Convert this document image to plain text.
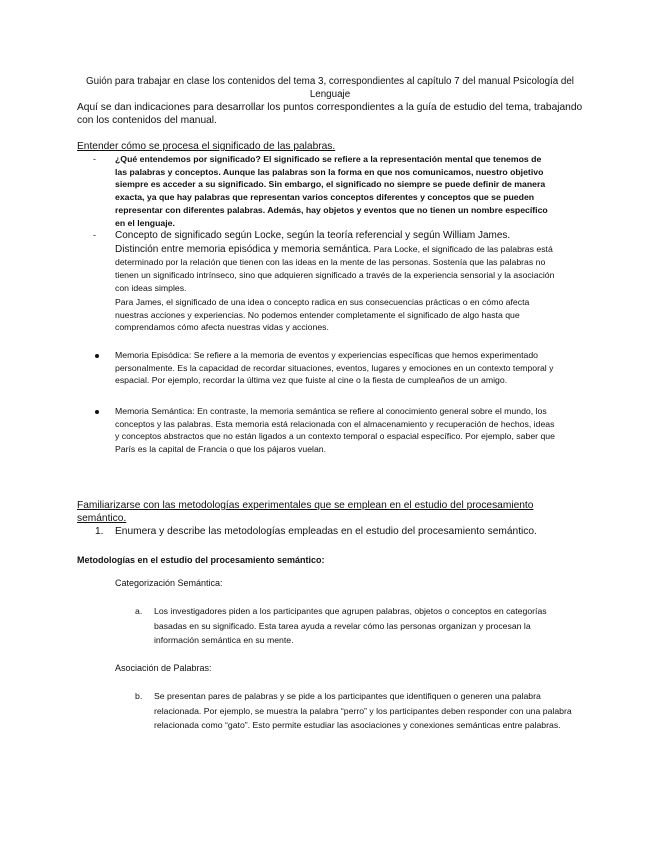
Guión para trabajar en clase los contenidos del tema 3, correspondientes al capítulo 7 del manual Psicología del Lenguaje
Aquí se dan indicaciones para desarrollar los puntos correspondientes a la guía de estudio del tema, trabajando con los contenidos del manual.
Entender cómo se procesa el significado de las palabras.
- ¿Qué entendemos por significado? El significado se refiere a la representación mental que tenemos de las palabras y conceptos. Aunque las palabras son la forma en que nos comunicamos, nuestro objetivo siempre es acceder a su significado. Sin embargo, el significado no siempre se puede definir de manera exacta, ya que hay palabras que representan varios conceptos diferentes y conceptos que se pueden representar con diferentes palabras. Además, hay objetos y eventos que no tienen un nombre específico en el lenguaje.
- Concepto de significado según Locke, según la teoría referencial y según William James. Distinción entre memoria episódica y memoria semántica. Para Locke, el significado de las palabras está determinado por la relación que tienen con las ideas en la mente de las personas. Sostenía que las palabras no tienen un significado intrínseco, sino que adquieren significado a través de la experiencia sensorial y la asociación con ideas simples.
Para James, el significado de una idea o concepto radica en sus consecuencias prácticas o en cómo afecta nuestras acciones y experiencias. No podemos entender completamente el significado de algo hasta que comprendamos cómo afecta nuestras vidas y acciones.
Memoria Episódica: Se refiere a la memoria de eventos y experiencias específicas que hemos experimentado personalmente. Es la capacidad de recordar situaciones, eventos, lugares y emociones en un contexto temporal y espacial. Por ejemplo, recordar la última vez que fuiste al cine o la fiesta de cumpleaños de un amigo.
Memoria Semántica: En contraste, la memoria semántica se refiere al conocimiento general sobre el mundo, los conceptos y las palabras. Esta memoria está relacionada con el almacenamiento y recuperación de hechos, ideas y conceptos abstractos que no están ligados a un contexto temporal o espacial específico. Por ejemplo, saber que París es la capital de Francia o que los pájaros vuelan.
Familiarizarse con las metodologías experimentales que se emplean en el estudio del procesamiento semántico.
1. Enumera y describe las metodologías empleadas en el estudio del procesamiento semántico.
Metodologías en el estudio del procesamiento semántico:
Categorización Semántica:
a. Los investigadores piden a los participantes que agrupen palabras, objetos o conceptos en categorías basadas en su significado. Esta tarea ayuda a revelar cómo las personas organizan y procesan la información semántica en su mente.
Asociación de Palabras:
b. Se presentan pares de palabras y se pide a los participantes que identifiquen o generen una palabra relacionada. Por ejemplo, se muestra la palabra “perro” y los participantes deben responder con una palabra relacionada como “gato”. Esto permite estudiar las asociaciones y conexiones semánticas entre palabras.
